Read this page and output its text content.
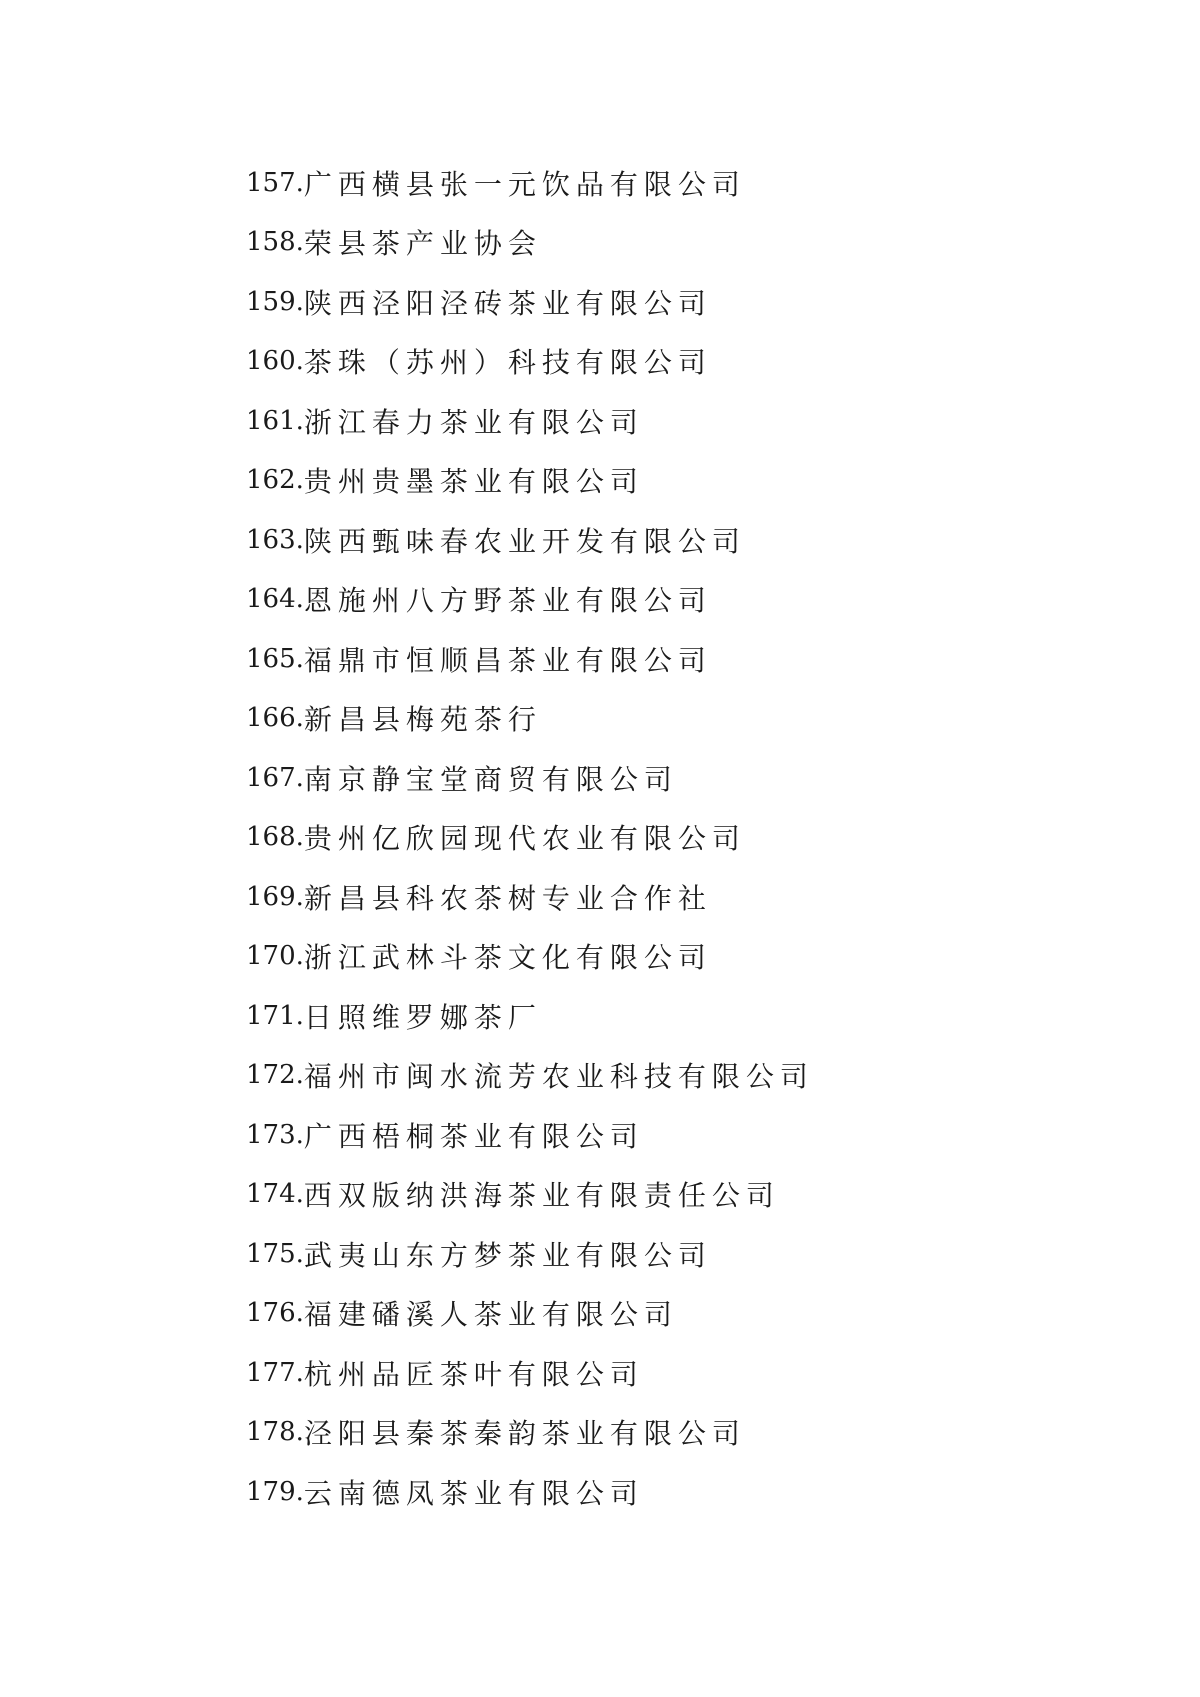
157. 广西横县张一元饮品有限公司
158. 荣县茶产业协会
159. 陕西泾阳泾砖茶业有限公司
160. 茶珠（苏州）科技有限公司
161. 浙江春力茶业有限公司
162. 贵州贵墨茶业有限公司
163. 陕西甄味春农业开发有限公司
164. 恩施州八方野茶业有限公司
165. 福鼎市恒顺昌茶业有限公司
166. 新昌县梅苑茶行
167. 南京静宝堂商贸有限公司
168. 贵州亿欣园现代农业有限公司
169. 新昌县科农茶树专业合作社
170. 浙江武林斗茶文化有限公司
171. 日照维罗娜茶厂
172. 福州市闽水流芳农业科技有限公司
173. 广西梧桐茶业有限公司
174. 西双版纳洪海茶业有限责任公司
175. 武夷山东方梦茶业有限公司
176. 福建磻溪人茶业有限公司
177. 杭州品匠茶叶有限公司
178. 泾阳县秦茶秦韵茶业有限公司
179. 云南德凤茶业有限公司
